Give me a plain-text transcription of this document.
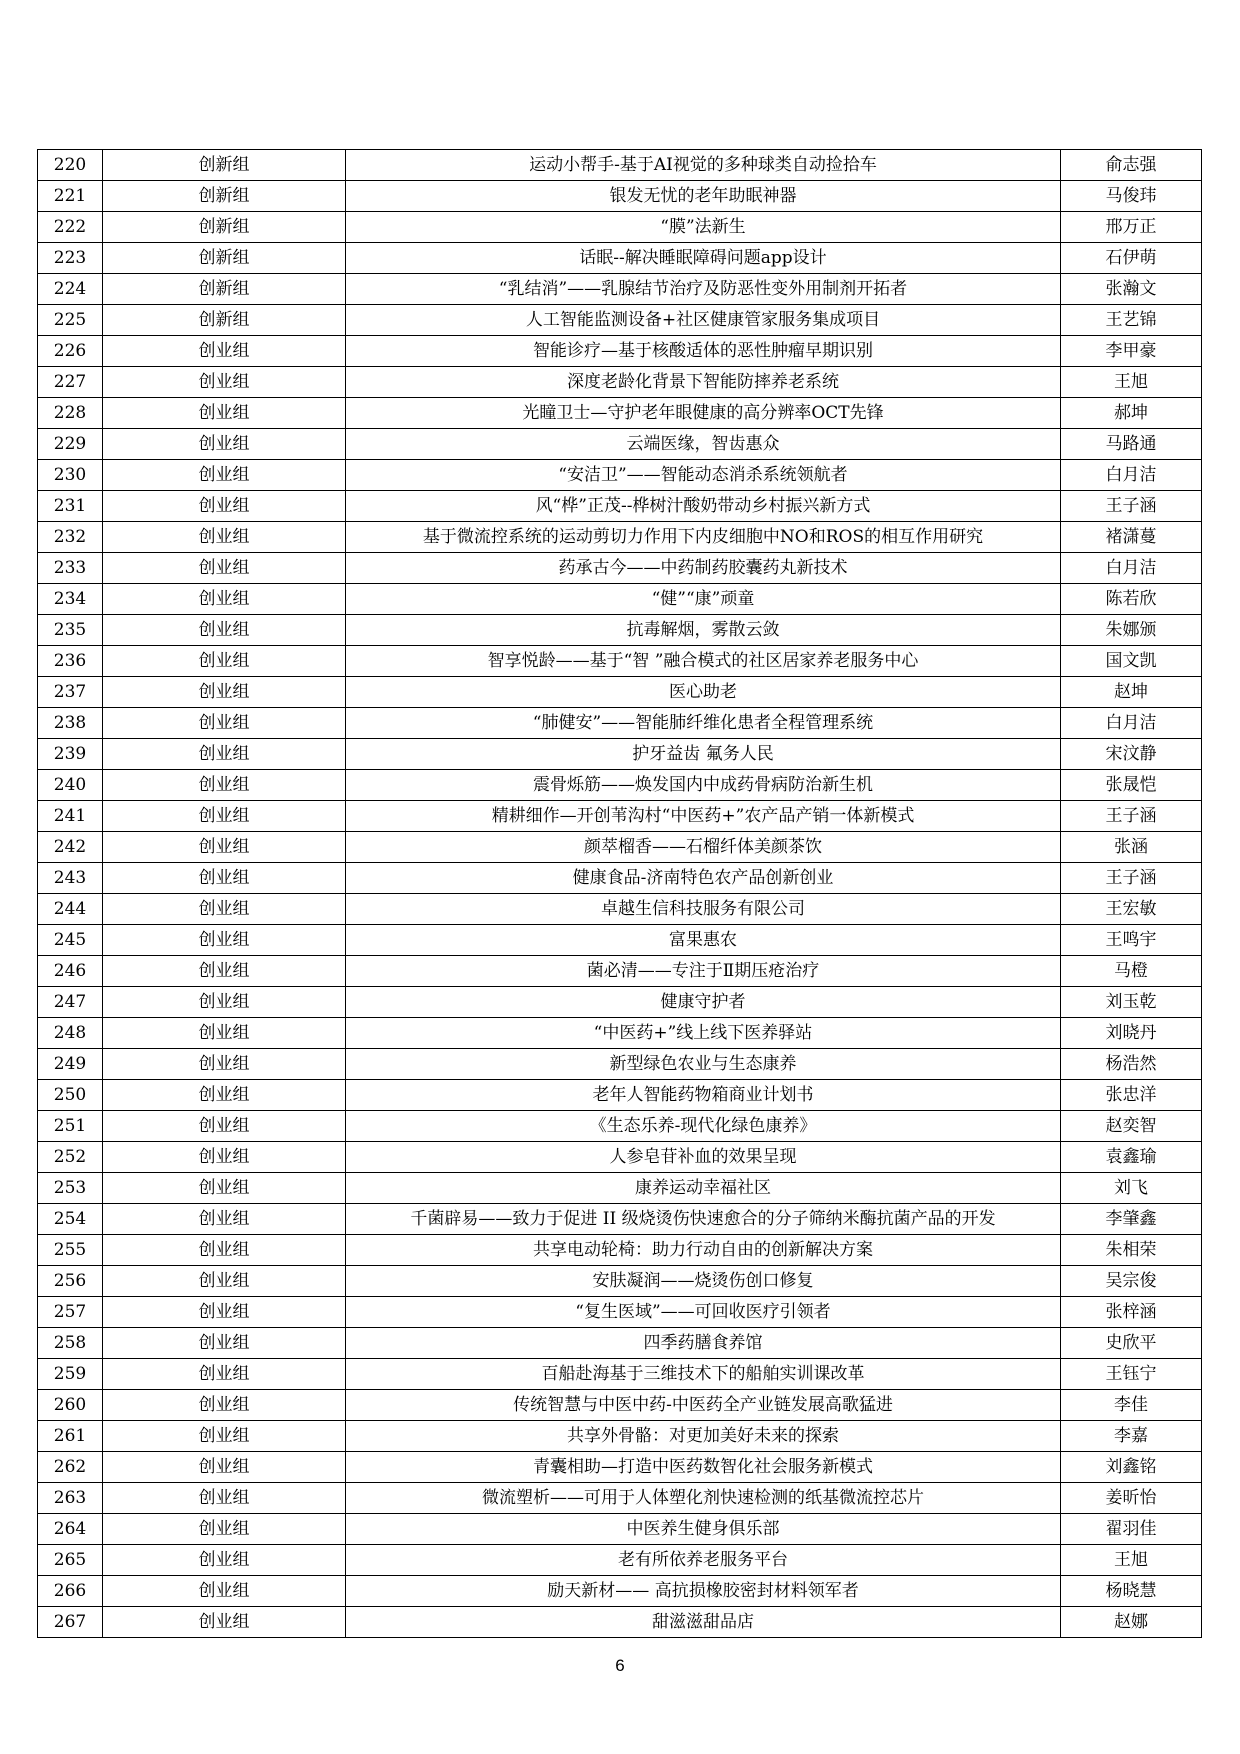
220	创新组	运动小帮手-基于AI视觉的多种球类自动捡拾车	俞志强
221	创新组	银发无忧的老年助眠神器	马俊玮
222	创新组	“膜”法新生	邢万正
223	创新组	话眠--解决睡眠障碍问题app设计	石伊萌
224	创新组	“乳结消”——乳腺结节治疗及防恶性变外用制剂开拓者	张瀚文
225	创新组	人工智能监测设备+社区健康管家服务集成项目	王艺锦
226	创业组	智能诊疗—基于核酸适体的恶性肿瘤早期识别	李甲豪
227	创业组	深度老龄化背景下智能防摔养老系统	王旭
228	创业组	光瞳卫士—守护老年眼健康的高分辨率OCT先锋	郝坤
229	创业组	云端医缘，智齿惠众	马路通
230	创业组	“安洁卫”——智能动态消杀系统领航者	白月洁
231	创业组	风“桦”正茂--桦树汁酸奶带动乡村振兴新方式	王子涵
232	创业组	基于微流控系统的运动剪切力作用下内皮细胞中NO和ROS的相互作用研究	褚潇蔓
233	创业组	药承古今——中药制药胶囊药丸新技术	白月洁
234	创业组	“健”“康”顽童	陈若欣
235	创业组	抗毒解烟，雾散云敛	朱娜颁
236	创业组	智享悦龄——基于“智 ”融合模式的社区居家养老服务中心	国文凯
237	创业组	医心助老	赵坤
238	创业组	“肺健安”——智能肺纤维化患者全程管理系统	白月洁
239	创业组	护牙益齿 氟务人民	宋汶静
240	创业组	震骨烁筋——焕发国内中成药骨病防治新生机	张晟恺
241	创业组	精耕细作—开创苇沟村“中医药+”农产品产销一体新模式	王子涵
242	创业组	颜萃榴香——石榴纤体美颜茶饮	张涵
243	创业组	健康食品-济南特色农产品创新创业	王子涵
244	创业组	卓越生信科技服务有限公司	王宏敏
245	创业组	富果惠农	王鸣宇
246	创业组	菌必清——专注于Ⅱ期压疮治疗	马橙
247	创业组	健康守护者	刘玉乾
248	创业组	“中医药+”线上线下医养驿站	刘晓丹
249	创业组	新型绿色农业与生态康养	杨浩然
250	创业组	老年人智能药物箱商业计划书	张忠洋
251	创业组	《生态乐养-现代化绿色康养》	赵奕智
252	创业组	人参皂苷补血的效果呈现	袁鑫瑜
253	创业组	康养运动幸福社区	刘飞
254	创业组	千菌辟易——致力于促进 II 级烧烫伤快速愈合的分子筛纳米酶抗菌产品的开发	李肇鑫
255	创业组	共享电动轮椅：助力行动自由的创新解决方案	朱相荣
256	创业组	安肤凝润——烧烫伤创口修复	吴宗俊
257	创业组	“复生医域”——可回收医疗引领者	张梓涵
258	创业组	四季药膳食养馆	史欣平
259	创业组	百船赴海基于三维技术下的船舶实训课改革	王钰宁
260	创业组	传统智慧与中医中药-中医药全产业链发展高歌猛进	李佳
261	创业组	共享外骨骼：对更加美好未来的探索	李嘉
262	创业组	青囊相助—打造中医药数智化社会服务新模式	刘鑫铭
263	创业组	微流塑析——可用于人体塑化剂快速检测的纸基微流控芯片	姜昕怡
264	创业组	中医养生健身俱乐部	翟羽佳
265	创业组	老有所依养老服务平台	王旭
266	创业组	励天新材—— 高抗损橡胶密封材料领军者	杨晓慧
267	创业组	甜滋滋甜品店	赵娜
6
